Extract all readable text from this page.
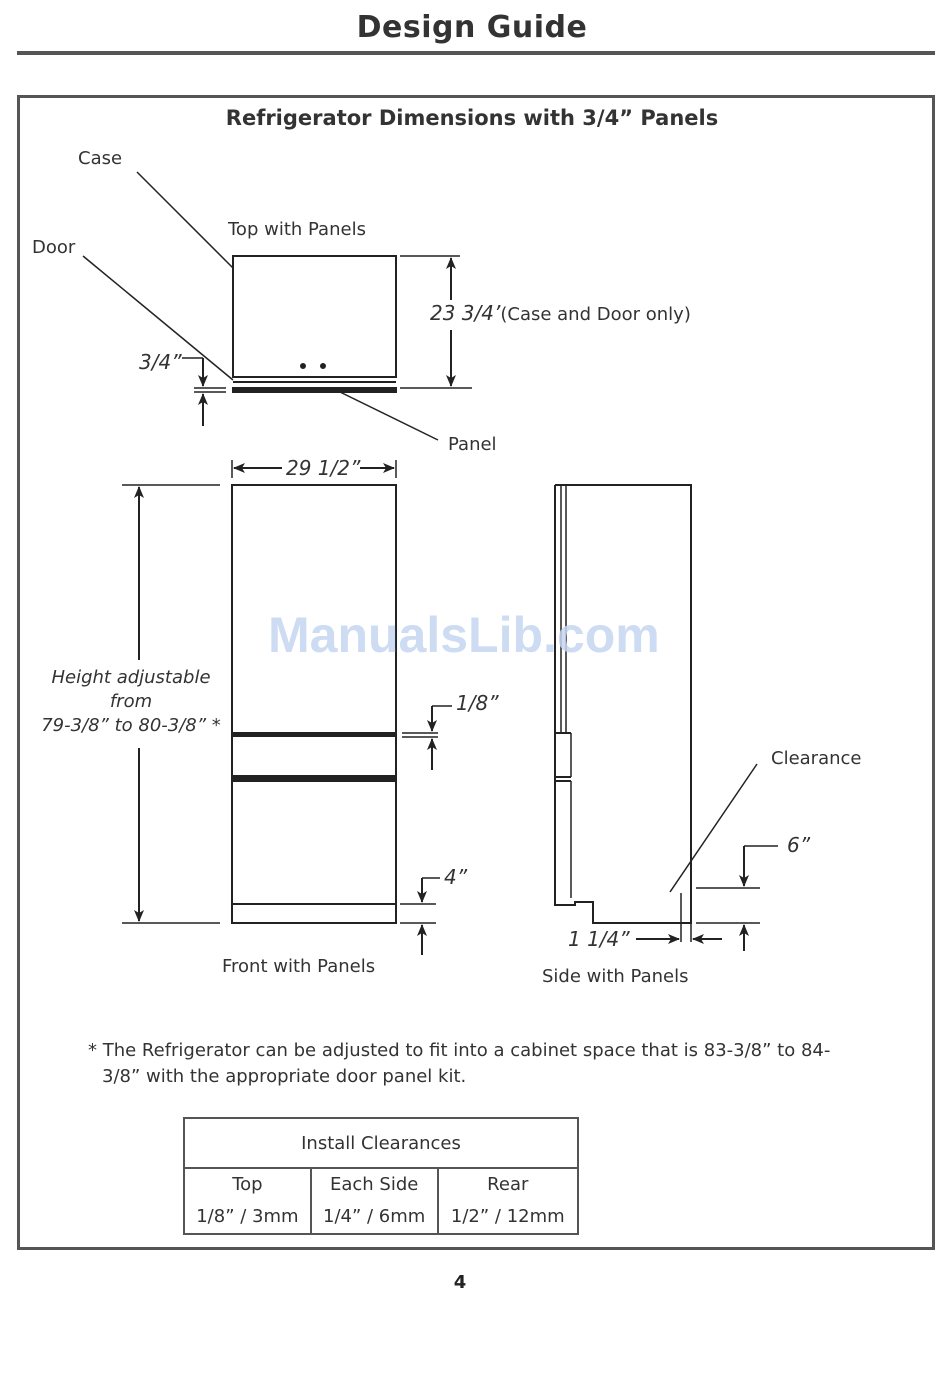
Design Guide
Refrigerator Dimensions with 3/4” Panels
Case
Door
Top with Panels
3/4”
23 3/4’(Case and Door only)
Panel
29 1/2”
Height adjustable
from
79-3/8” to 80-3/8” *
1/8”
4”
Front with Panels
Clearance
6”
1 1/4”
Side with Panels
ManualsLib.com
* The Refrigerator can be adjusted to fit into a cabinet space that is 83-3/8” to 84-3/8” with the appropriate door panel kit.
Install Clearances		
Top	Each Side	Rear
1/8” / 3mm	1/4” / 6mm	1/2” / 12mm
4
